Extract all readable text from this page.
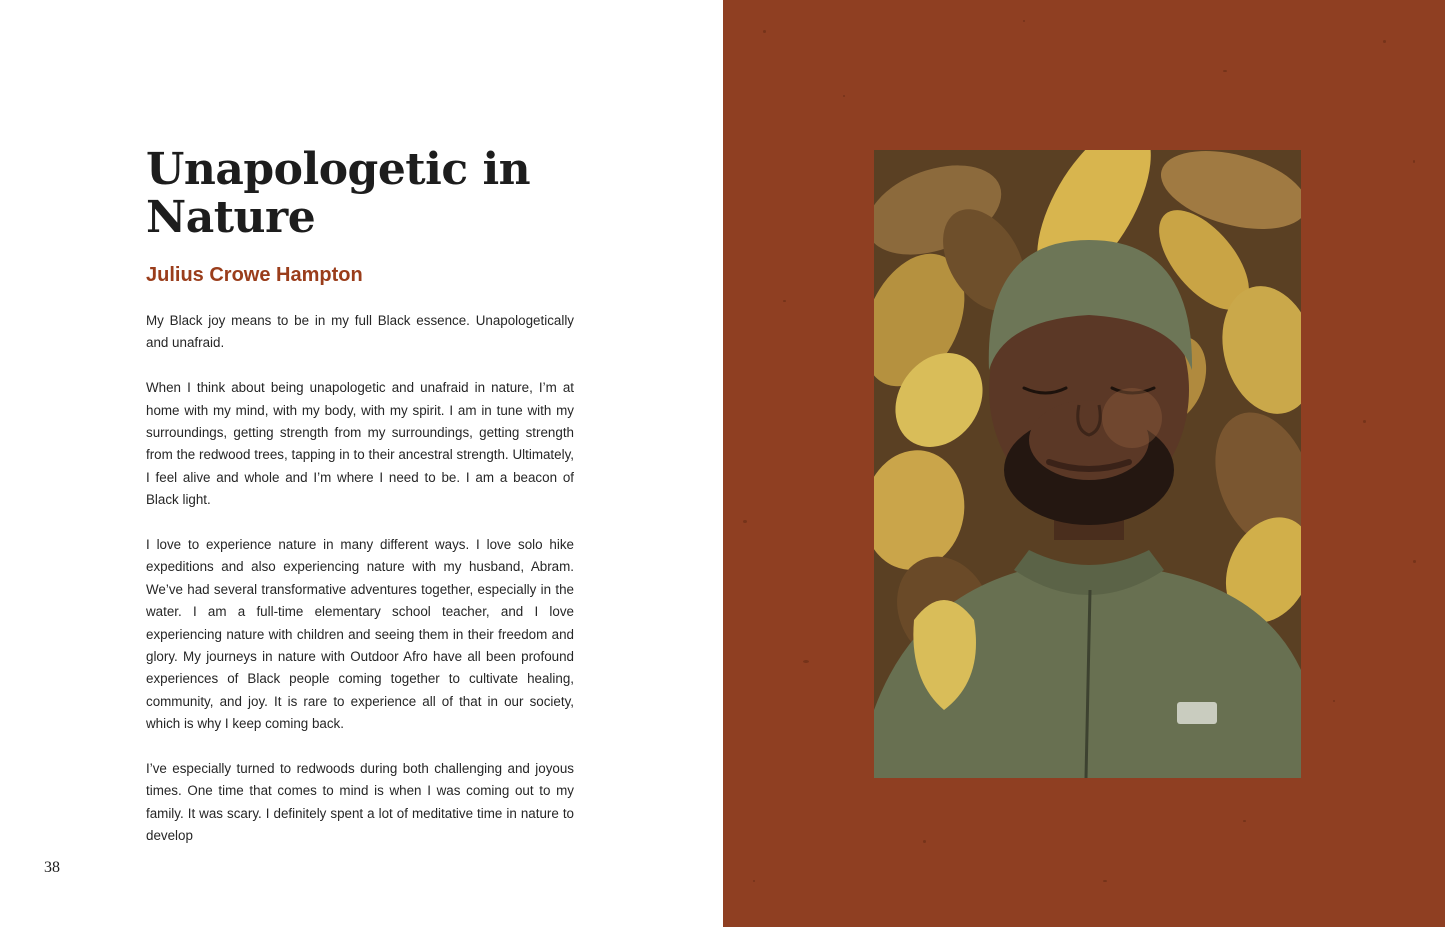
Unapologetic in Nature
Julius Crowe Hampton

My Black joy means to be in my full Black essence. Unapologetically and unafraid.

When I think about being unapologetic and unafraid in nature, I’m at home with my mind, with my body, with my spirit. I am in tune with my surroundings, getting strength from my surroundings, getting strength from the redwood trees, tapping in to their ancestral strength. Ultimately, I feel alive and whole and I’m where I need to be. I am a beacon of Black light.

I love to experience nature in many different ways. I love solo hike expeditions and also experiencing nature with my husband, Abram. We’ve had several transformative adventures together, especially in the water. I am a full-time elementary school teacher, and I love experiencing nature with children and seeing them in their freedom and glory. My journeys in nature with Outdoor Afro have all been profound experiences of Black people coming together to cultivate healing, community, and joy. It is rare to experience all of that in our society, which is why I keep coming back.

I’ve especially turned to redwoods during both challenging and joyous times. One time that comes to mind is when I was coming out to my family. It was scary. I definitely spent a lot of meditative time in nature to develop

38
